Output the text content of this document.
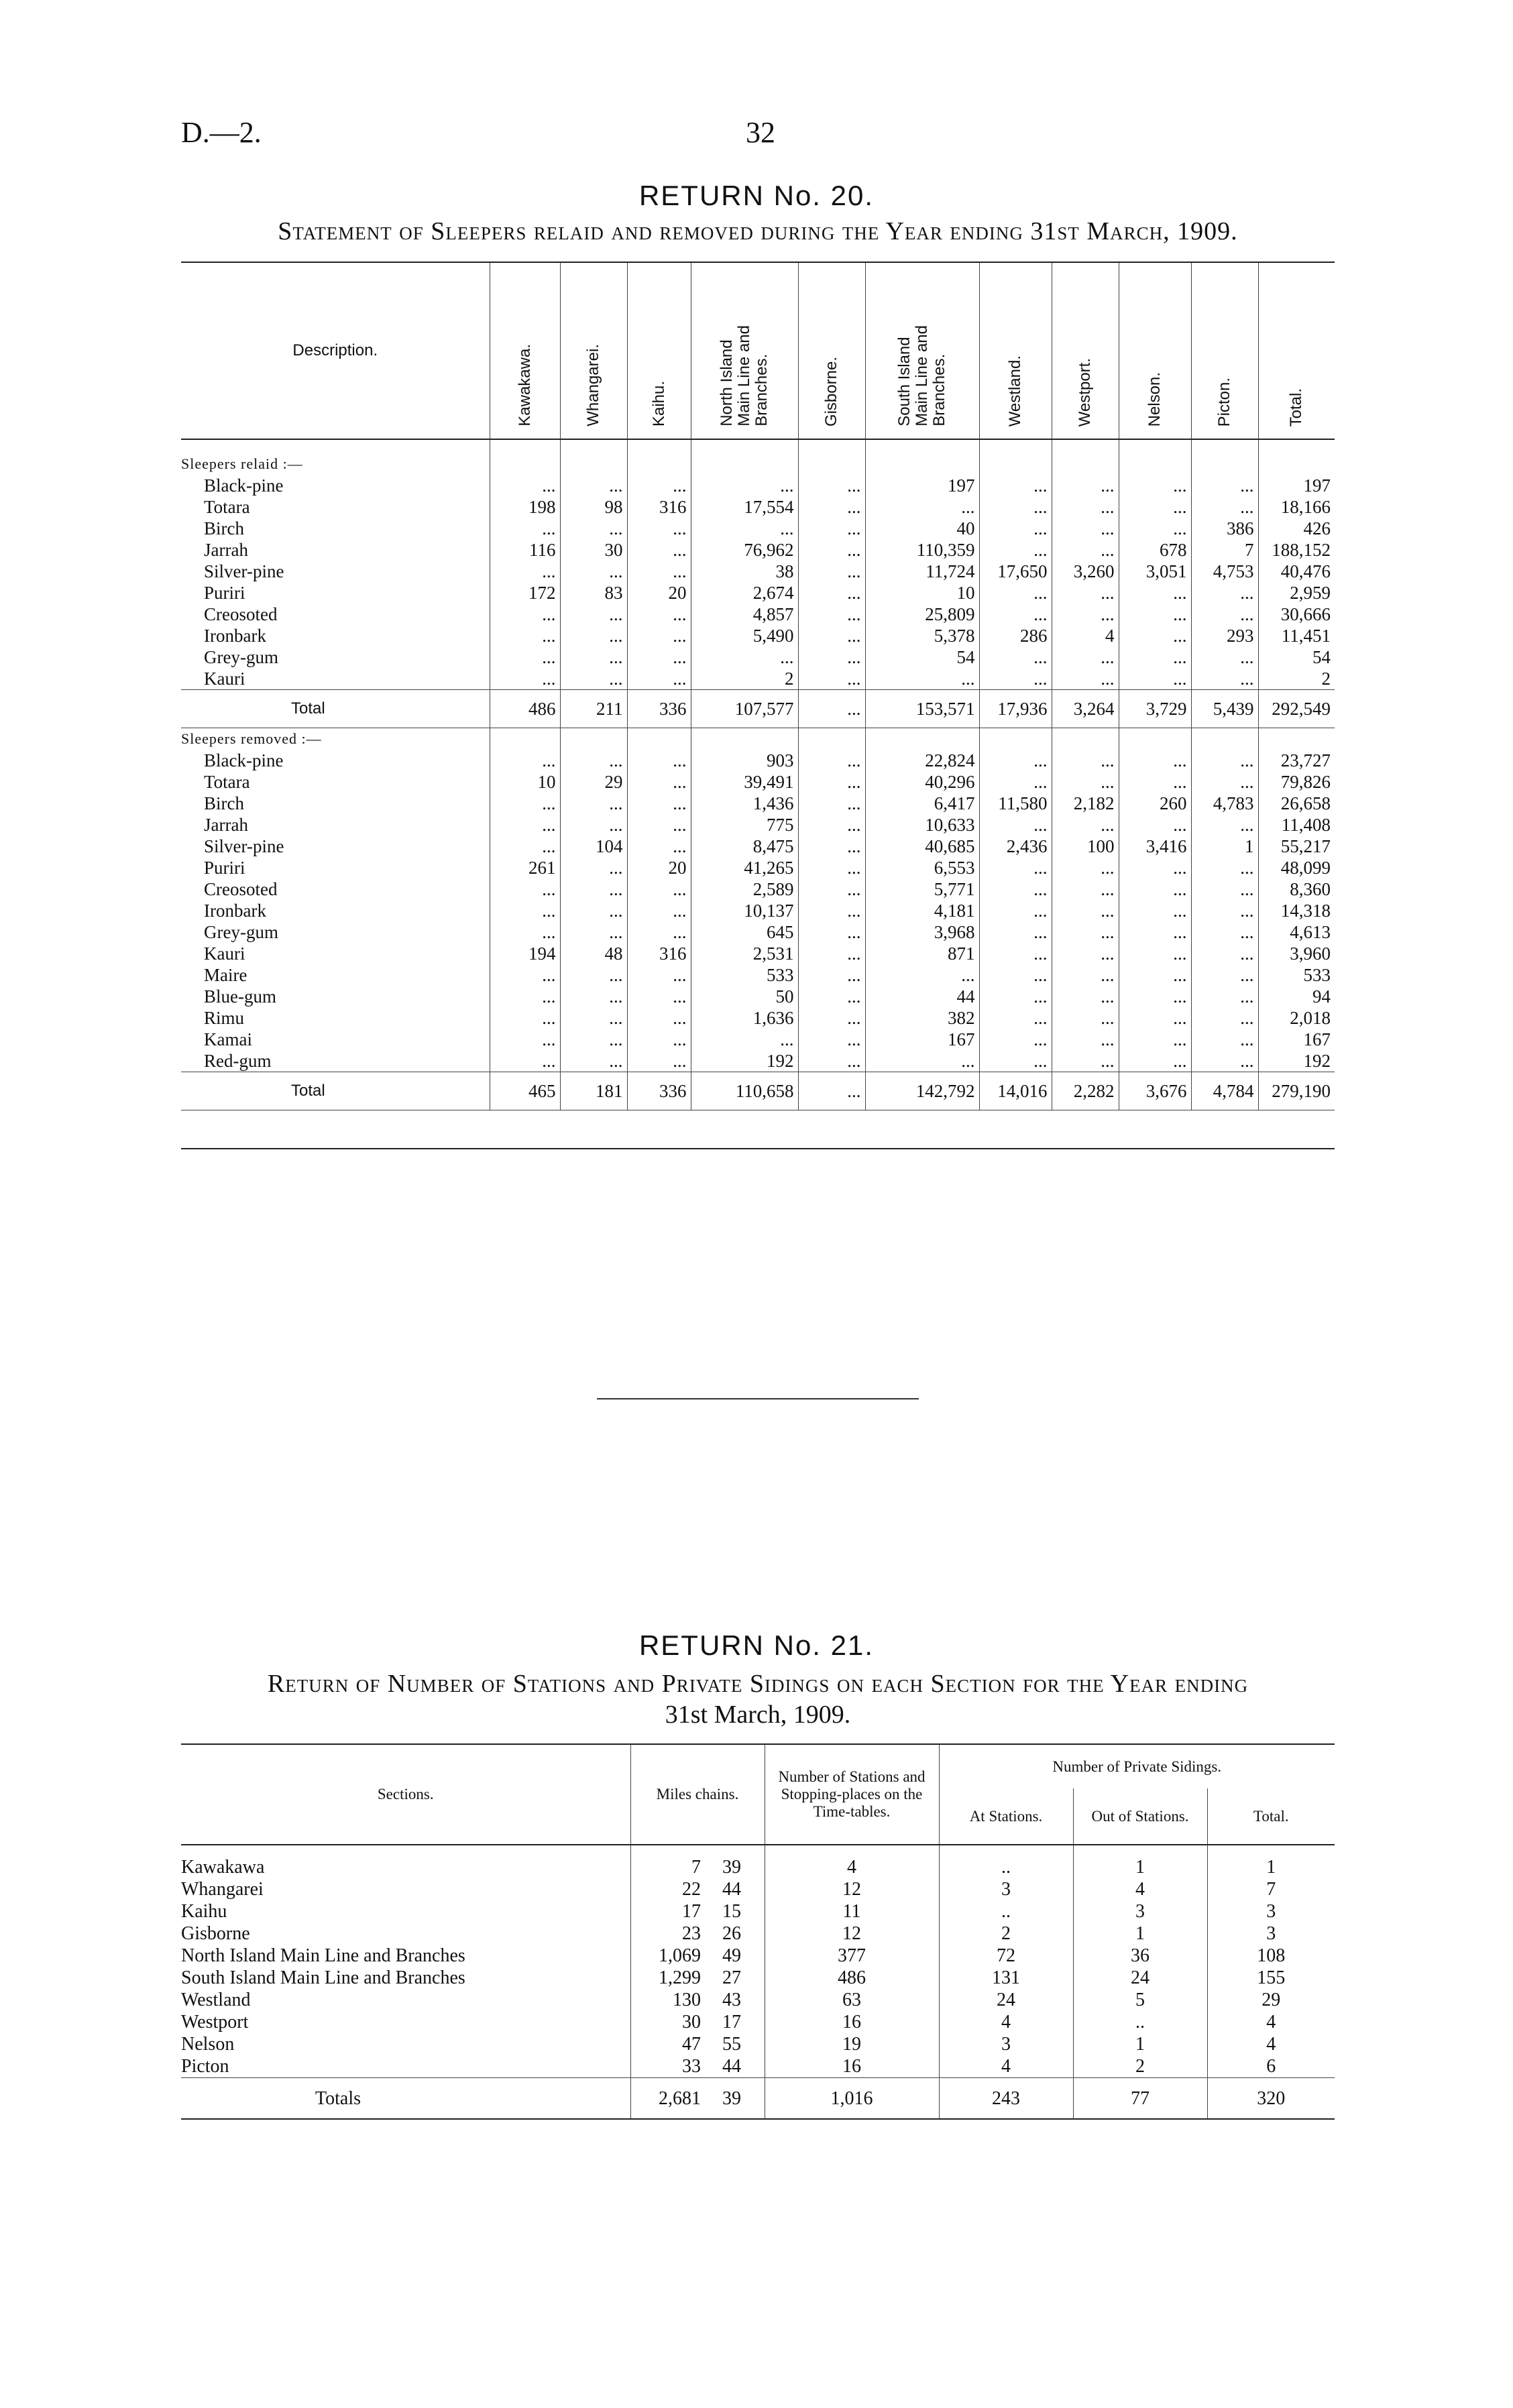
D.—2.	32
RETURN No. 20.
Statement of Sleepers relaid and removed during the Year ending 31st March, 1909.
Description.	Kawakawa.	Whangarei.	Kaihu.	North Island
Main Line and
Branches.	Gisborne.	South Island
Main Line and
Branches.	Westland.	Westport.	Nelson.	Picton.	Total.

Sleepers relaid :—											
Black-pine	...	...	...	...	...	197	...	...	...	...	197
Totara	198	98	316	17,554	...	...	...	...	...	...	18,166
Birch	...	...	...	...	...	40	...	...	...	386	426
Jarrah	116	30	...	76,962	...	110,359	...	...	678	7	188,152
Silver-pine	...	...	...	38	...	11,724	17,650	3,260	3,051	4,753	40,476
Puriri	172	83	20	2,674	...	10	...	...	...	...	2,959
Creosoted	...	...	...	4,857	...	25,809	...	...	...	...	30,666
Ironbark	...	...	...	5,490	...	5,378	286	4	...	293	11,451
Grey-gum	...	...	...	...	...	54	...	...	...	...	54
Kauri	...	...	...	2	...	...	...	...	...	...	2
Total	486	211	336	107,577	...	153,571	17,936	3,264	3,729	5,439	292,549
Sleepers removed :—											
Black-pine	...	...	...	903	...	22,824	...	...	...	...	23,727
Totara	10	29	...	39,491	...	40,296	...	...	...	...	79,826
Birch	...	...	...	1,436	...	6,417	11,580	2,182	260	4,783	26,658
Jarrah	...	...	...	775	...	10,633	...	...	...	...	11,408
Silver-pine	...	104	...	8,475	...	40,685	2,436	100	3,416	1	55,217
Puriri	261	...	20	41,265	...	6,553	...	...	...	...	48,099
Creosoted	...	...	...	2,589	...	5,771	...	...	...	...	8,360
Ironbark	...	...	...	10,137	...	4,181	...	...	...	...	14,318
Grey-gum	...	...	...	645	...	3,968	...	...	...	...	4,613
Kauri	194	48	316	2,531	...	871	...	...	...	...	3,960
Maire	...	...	...	533	...	...	...	...	...	...	533
Blue-gum	...	...	...	50	...	44	...	...	...	...	94
Rimu	...	...	...	1,636	...	382	...	...	...	...	2,018
Kamai	...	...	...	...	...	167	...	...	...	...	167
Red-gum	...	...	...	192	...	...	...	...	...	...	192
Total	465	181	336	110,658	...	142,792	14,016	2,282	3,676	4,784	279,190
RETURN No. 21.
Return of Number of Stations and Private Sidings on each Section for the Year ending
31st March, 1909.
Sections.	Miles chains.	Number of Stations and Stopping-places on the Time-tables.	Number of Private Sidings.		
			At Stations.	Out of Stations.	Total.
Kawakawa	7 39	4	..	1	1
Whangarei	22 44	12	3	4	7
Kaihu	17 15	11	..	3	3
Gisborne	23 26	12	2	1	3
North Island Main Line and Branches	1,069 49	377	72	36	108
South Island Main Line and Branches	1,299 27	486	131	24	155
Westland	130 43	63	24	5	29
Westport	30 17	16	4	..	4
Nelson	47 55	19	3	1	4
Picton	33 44	16	4	2	6
Totals	2,681 39	1,016	243	77	320
